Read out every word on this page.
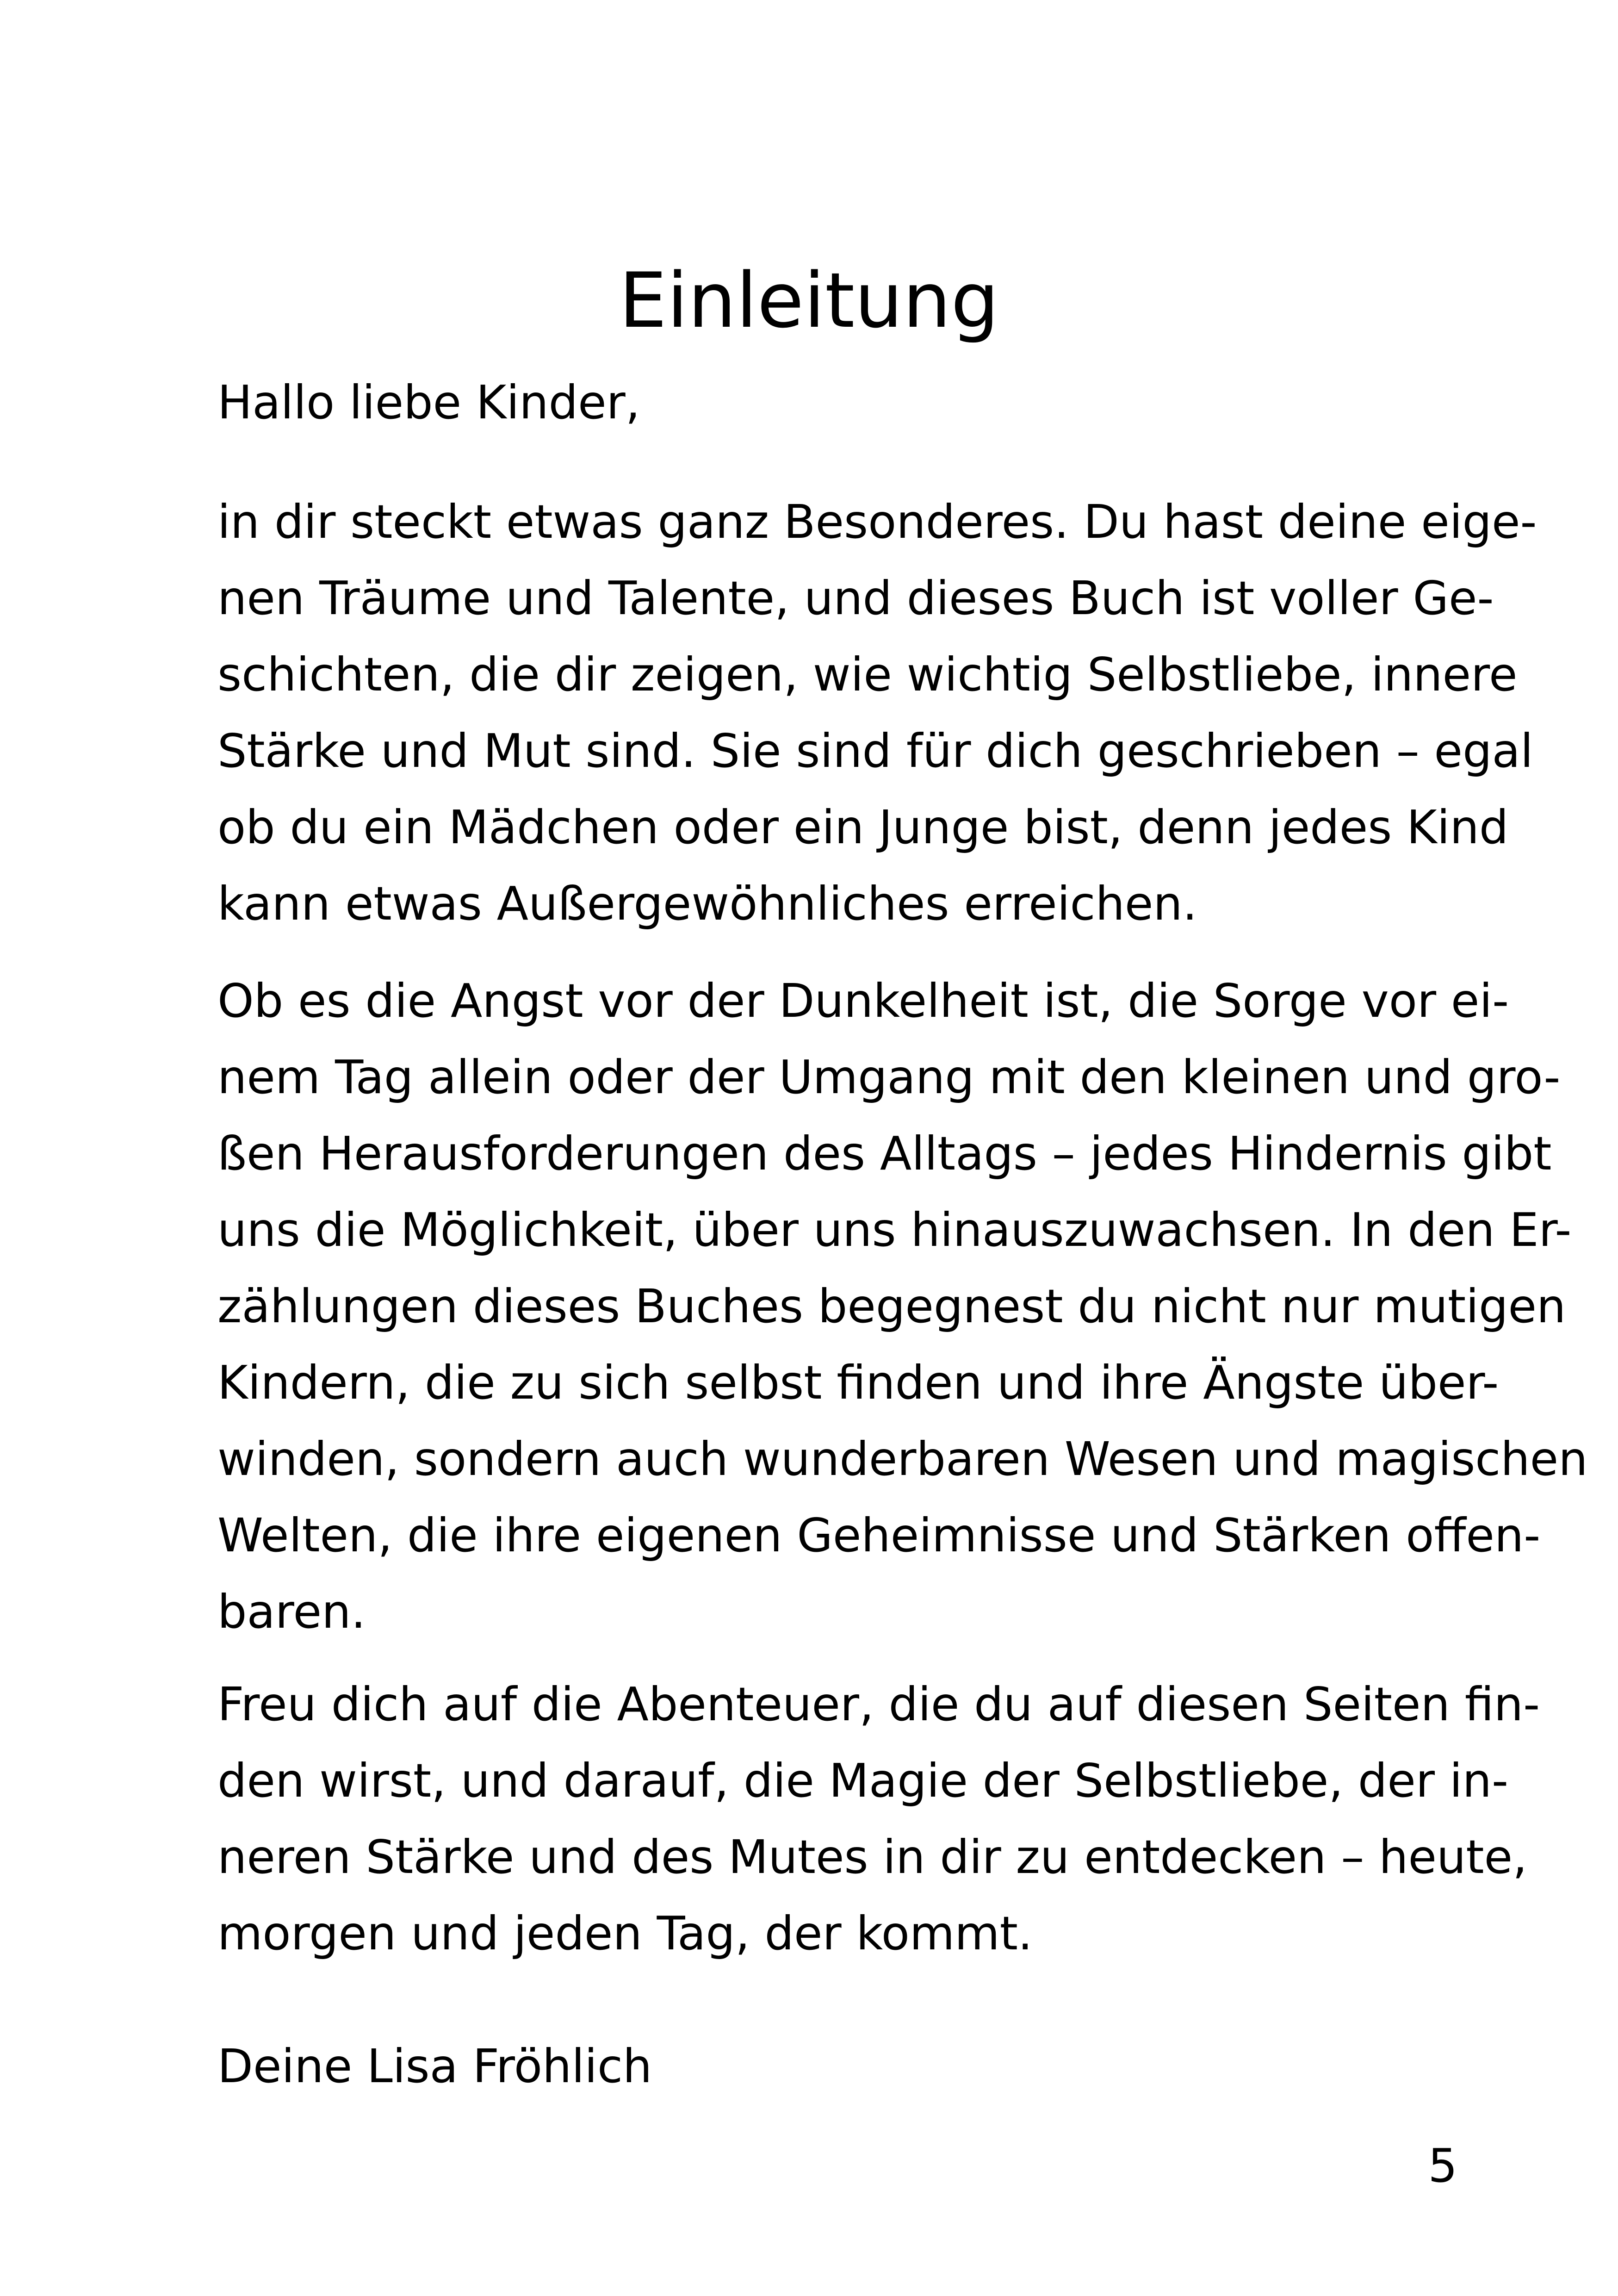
Einleitung
Hallo liebe Kinder,
in dir steckt etwas ganz Besonderes. Du hast deine eige-
nen Träume und Talente, und dieses Buch ist voller Ge-
schichten, die dir zeigen, wie wichtig Selbstliebe, innere
Stärke und Mut sind. Sie sind für dich geschrieben – egal
ob du ein Mädchen oder ein Junge bist, denn jedes Kind
kann etwas Außergewöhnliches erreichen.
Ob es die Angst vor der Dunkelheit ist, die Sorge vor ei-
nem Tag allein oder der Umgang mit den kleinen und gro-
ßen Herausforderungen des Alltags – jedes Hindernis gibt
uns die Möglichkeit, über uns hinauszuwachsen. In den Er-
zählungen dieses Buches begegnest du nicht nur mutigen
Kindern, die zu sich selbst finden und ihre Ängste über-
winden, sondern auch wunderbaren Wesen und magischen
Welten, die ihre eigenen Geheimnisse und Stärken offen-
baren.
Freu dich auf die Abenteuer, die du auf diesen Seiten fin-
den wirst, und darauf, die Magie der Selbstliebe, der in-
neren Stärke und des Mutes in dir zu entdecken – heute,
morgen und jeden Tag, der kommt.
Deine Lisa Fröhlich
5
